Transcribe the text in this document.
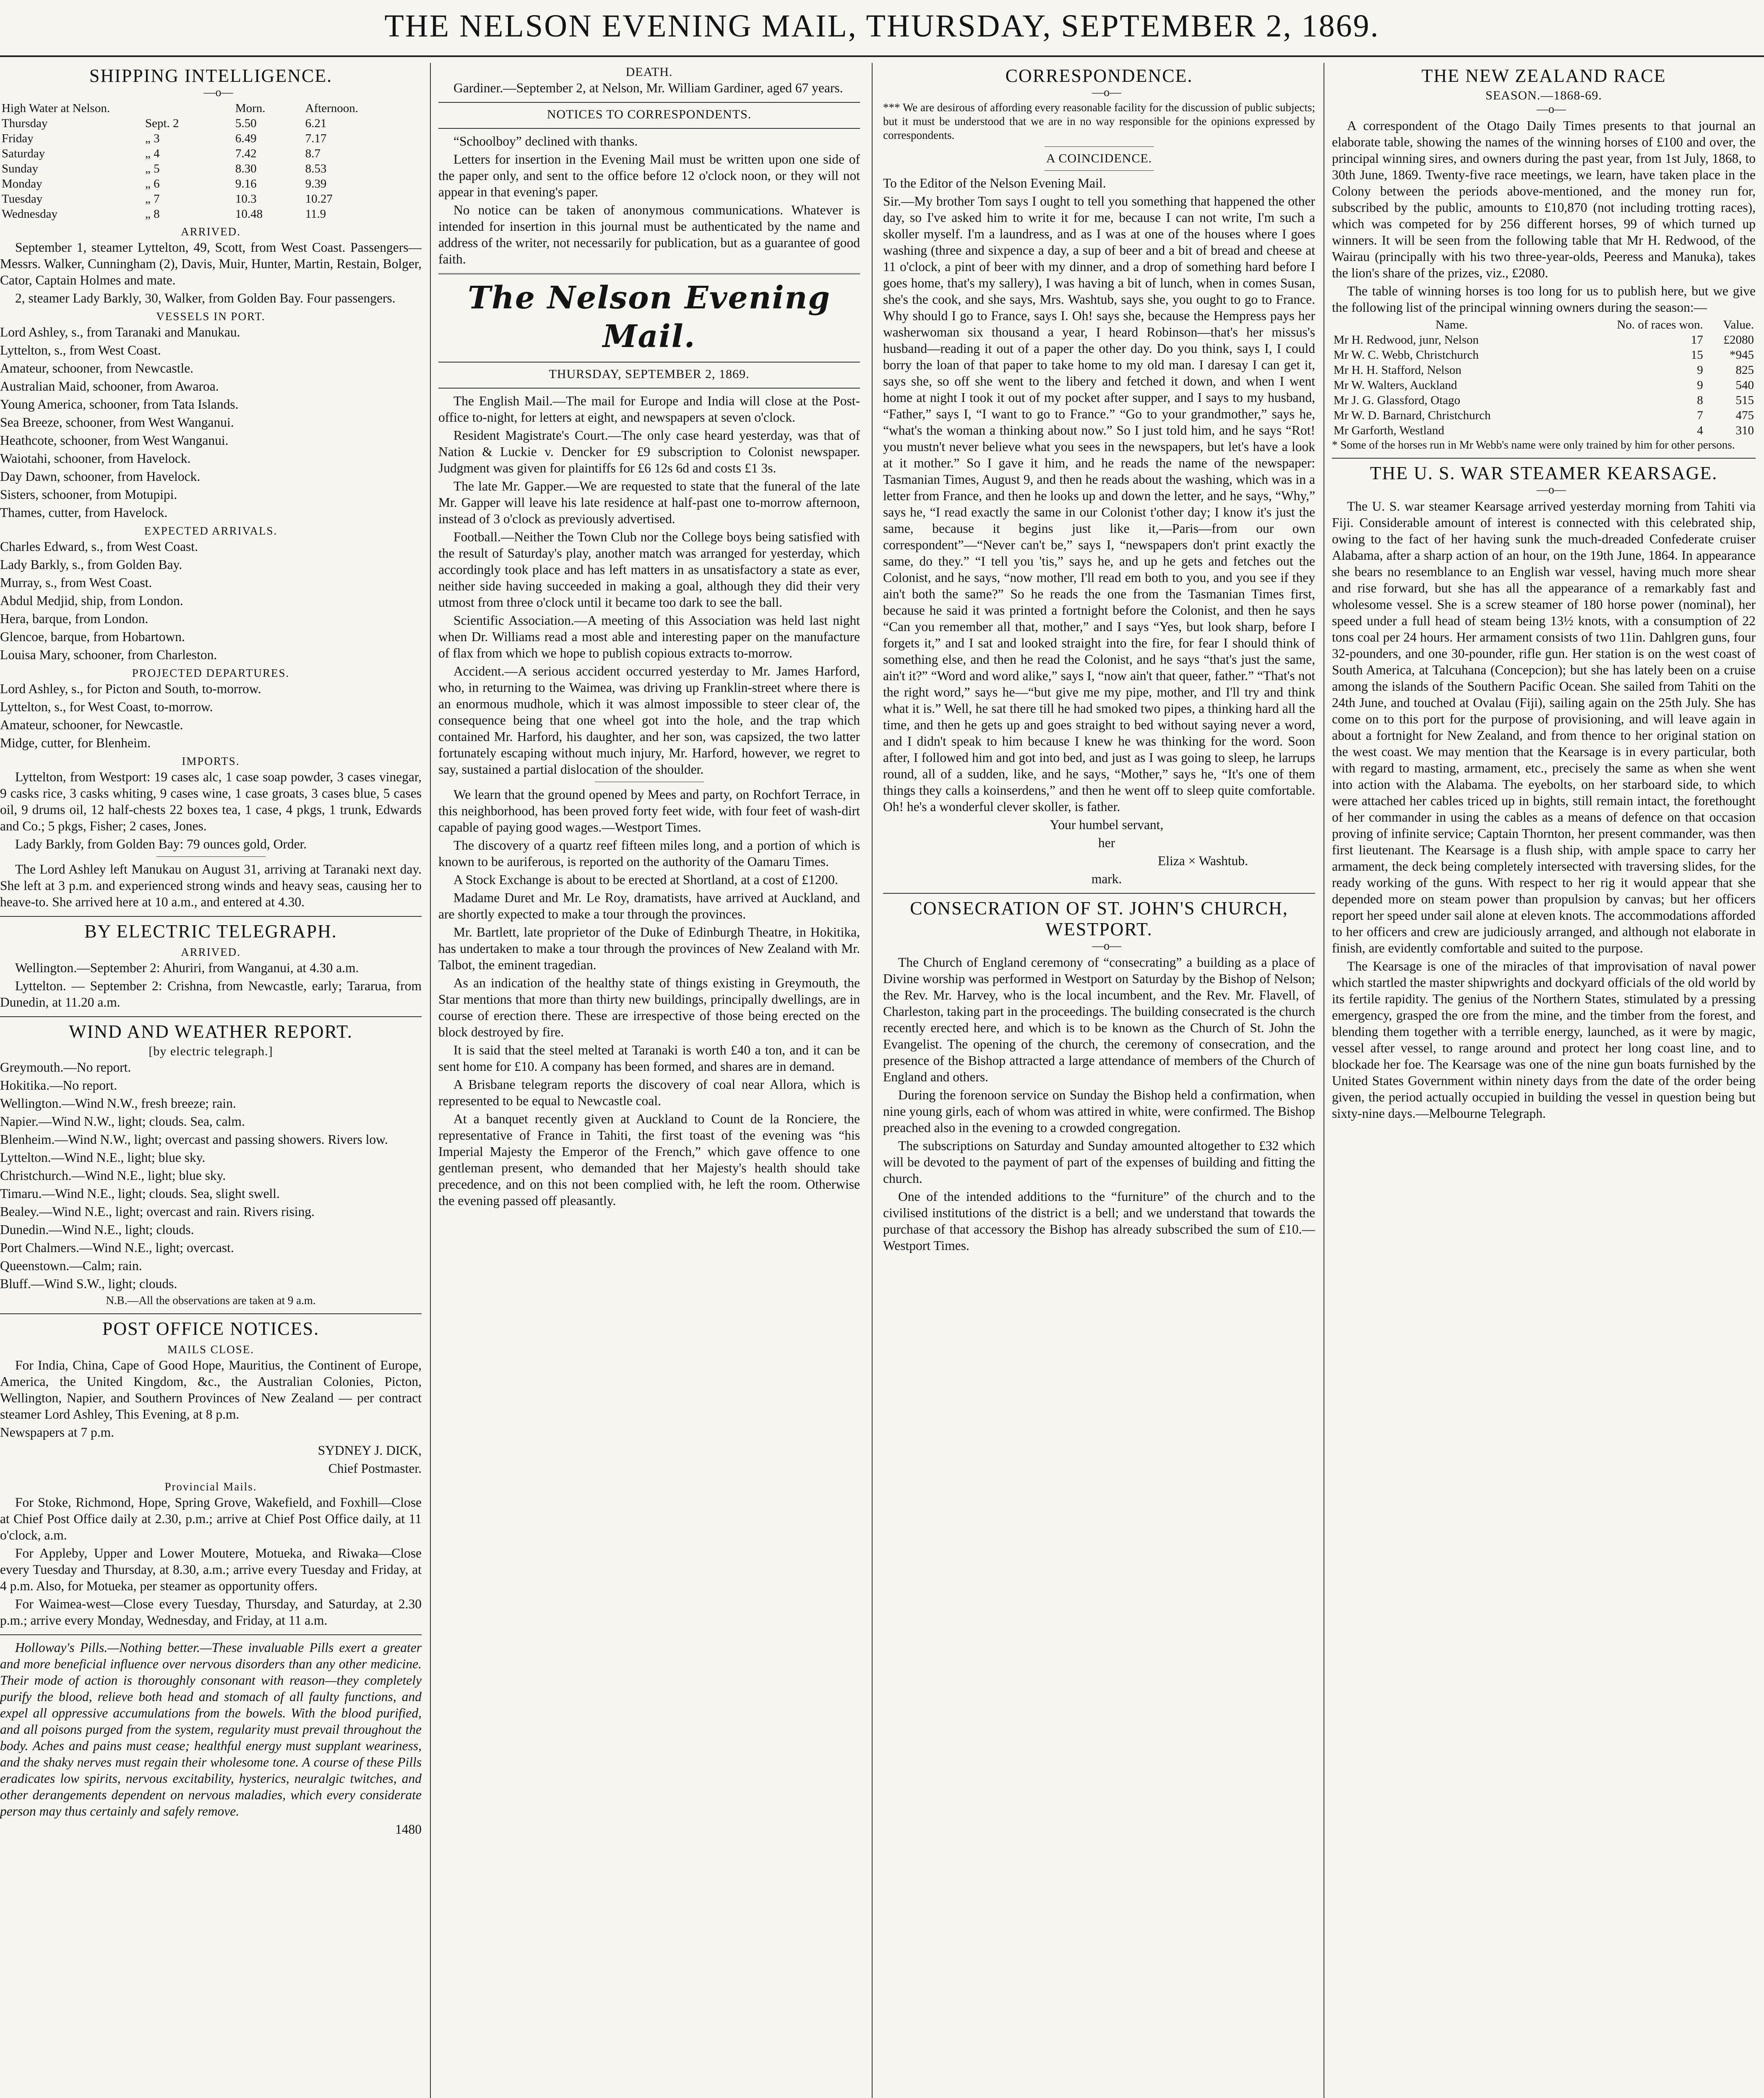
THE NELSON EVENING MAIL, THURSDAY, SEPTEMBER 2, 1869.
SHIPPING INTELLIGENCE.

—o—

High Water at Nelson.		Morn.	Afternoon.
Thursday	Sept. 2	5.50	6.21
Friday	„ 3	6.49	7.17
Saturday	„ 4	7.42	8.7
Sunday	„ 5	8.30	8.53
Monday	„ 6	9.16	9.39
Tuesday	„ 7	10.3	10.27
Wednesday	„ 8	10.48	11.9
ARRIVED.

September 1, steamer Lyttelton, 49, Scott, from West Coast. Passengers—Messrs. Walker, Cunningham (2), Davis, Muir, Hunter, Martin, Restain, Bolger, Cator, Captain Holmes and mate.

2, steamer Lady Barkly, 30, Walker, from Golden Bay. Four passengers.

VESSELS IN PORT.

Lord Ashley, s., from Taranaki and Manukau.

Lyttelton, s., from West Coast.

Amateur, schooner, from Newcastle.

Australian Maid, schooner, from Awaroa.

Young America, schooner, from Tata Islands.

Sea Breeze, schooner, from West Wanganui.

Heathcote, schooner, from West Wanganui.

Waiotahi, schooner, from Havelock.

Day Dawn, schooner, from Havelock.

Sisters, schooner, from Motupipi.

Thames, cutter, from Havelock.

EXPECTED ARRIVALS.

Charles Edward, s., from West Coast.

Lady Barkly, s., from Golden Bay.

Murray, s., from West Coast.

Abdul Medjid, ship, from London.

Hera, barque, from London.

Glencoe, barque, from Hobartown.

Louisa Mary, schooner, from Charleston.

PROJECTED DEPARTURES.

Lord Ashley, s., for Picton and South, to-morrow.

Lyttelton, s., for West Coast, to-morrow.

Amateur, schooner, for Newcastle.

Midge, cutter, for Blenheim.

IMPORTS.

Lyttelton, from Westport: 19 cases alc, 1 case soap powder, 3 cases vinegar, 9 casks rice, 3 casks whiting, 9 cases wine, 1 case groats, 3 cases blue, 5 cases oil, 9 drums oil, 12 half-chests 22 boxes tea, 1 case, 4 pkgs, 1 trunk, Edwards and Co.; 5 pkgs, Fisher; 2 cases, Jones.

Lady Barkly, from Golden Bay: 79 ounces gold, Order.

The Lord Ashley left Manukau on August 31, arriving at Taranaki next day. She left at 3 p.m. and experienced strong winds and heavy seas, causing her to heave-to. She arrived here at 10 a.m., and entered at 4.30.

BY ELECTRIC TELEGRAPH.
ARRIVED.

Wellington.—September 2: Ahuriri, from Wanganui, at 4.30 a.m.

Lyttelton. — September 2: Crishna, from Newcastle, early; Tararua, from Dunedin, at 11.20 a.m.

WIND AND WEATHER REPORT.
[by electric telegraph.]

Greymouth.—No report.

Hokitika.—No report.

Wellington.—Wind N.W., fresh breeze; rain.

Napier.—Wind N.W., light; clouds. Sea, calm.

Blenheim.—Wind N.W., light; overcast and passing showers. Rivers low.

Lyttelton.—Wind N.E., light; blue sky.

Christchurch.—Wind N.E., light; blue sky.

Timaru.—Wind N.E., light; clouds. Sea, slight swell.

Bealey.—Wind N.E., light; overcast and rain. Rivers rising.

Dunedin.—Wind N.E., light; clouds.

Port Chalmers.—Wind N.E., light; overcast.

Queenstown.—Calm; rain.

Bluff.—Wind S.W., light; clouds.

N.B.—All the observations are taken at 9 a.m.

POST OFFICE NOTICES.
MAILS CLOSE.

For India, China, Cape of Good Hope, Mauritius, the Continent of Europe, America, the United Kingdom, &c., the Australian Colonies, Picton, Wellington, Napier, and Southern Provinces of New Zealand — per contract steamer Lord Ashley, This Evening, at 8 p.m.

Newspapers at 7 p.m.

SYDNEY J. DICK,

Chief Postmaster.

Provincial Mails.

For Stoke, Richmond, Hope, Spring Grove, Wakefield, and Foxhill—Close at Chief Post Office daily at 2.30, p.m.; arrive at Chief Post Office daily, at 11 o'clock, a.m.

For Appleby, Upper and Lower Moutere, Motueka, and Riwaka—Close every Tuesday and Thursday, at 8.30, a.m.; arrive every Tuesday and Friday, at 4 p.m. Also, for Motueka, per steamer as opportunity offers.

For Waimea-west—Close every Tuesday, Thursday, and Saturday, at 2.30 p.m.; arrive every Monday, Wednesday, and Friday, at 11 a.m.

Holloway's Pills.—Nothing better.—These invaluable Pills exert a greater and more beneficial influence over nervous disorders than any other medicine. Their mode of action is thoroughly consonant with reason—they completely purify the blood, relieve both head and stomach of all faulty functions, and expel all oppressive accumulations from the bowels. With the blood purified, and all poisons purged from the system, regularity must prevail throughout the body. Aches and pains must cease; healthful energy must supplant weariness, and the shaky nerves must regain their wholesome tone. A course of these Pills eradicates low spirits, nervous excitability, hysterics, neuralgic twitches, and other derangements dependent on nervous maladies, which every considerate person may thus certainly and safely remove.

1480

DEATH.

Gardiner.—September 2, at Nelson, Mr. William Gardiner, aged 67 years.

NOTICES TO CORRESPONDENTS.

“Schoolboy” declined with thanks.

Letters for insertion in the Evening Mail must be written upon one side of the paper only, and sent to the office before 12 o'clock noon, or they will not appear in that evening's paper.

No notice can be taken of anonymous communications. Whatever is intended for insertion in this journal must be authenticated by the name and address of the writer, not necessarily for publication, but as a guarantee of good faith.

The Nelson Evening Mail.
THURSDAY, SEPTEMBER 2, 1869.

The English Mail.—The mail for Europe and India will close at the Post-office to-night, for letters at eight, and newspapers at seven o'clock.

Resident Magistrate's Court.—The only case heard yesterday, was that of Nation & Luckie v. Dencker for £9 subscription to Colonist newspaper. Judgment was given for plaintiffs for £6 12s 6d and costs £1 3s.

The late Mr. Gapper.—We are requested to state that the funeral of the late Mr. Gapper will leave his late residence at half-past one to-morrow afternoon, instead of 3 o'clock as previously advertised.

Football.—Neither the Town Club nor the College boys being satisfied with the result of Saturday's play, another match was arranged for yesterday, which accordingly took place and has left matters in as unsatisfactory a state as ever, neither side having succeeded in making a goal, although they did their very utmost from three o'clock until it became too dark to see the ball.

Scientific Association.—A meeting of this Association was held last night when Dr. Williams read a most able and interesting paper on the manufacture of flax from which we hope to publish copious extracts to-morrow.

Accident.—A serious accident occurred yesterday to Mr. James Harford, who, in returning to the Waimea, was driving up Franklin-street where there is an enormous mudhole, which it was almost impossible to steer clear of, the consequence being that one wheel got into the hole, and the trap which contained Mr. Harford, his daughter, and her son, was capsized, the two latter fortunately escaping without much injury, Mr. Harford, however, we regret to say, sustained a partial dislocation of the shoulder.

We learn that the ground opened by Mees and party, on Rochfort Terrace, in this neighborhood, has been proved forty feet wide, with four feet of wash-dirt capable of paying good wages.—Westport Times.

The discovery of a quartz reef fifteen miles long, and a portion of which is known to be auriferous, is reported on the authority of the Oamaru Times.

A Stock Exchange is about to be erected at Shortland, at a cost of £1200.

Madame Duret and Mr. Le Roy, dramatists, have arrived at Auckland, and are shortly expected to make a tour through the provinces.

Mr. Bartlett, late proprietor of the Duke of Edinburgh Theatre, in Hokitika, has undertaken to make a tour through the provinces of New Zealand with Mr. Talbot, the eminent tragedian.

As an indication of the healthy state of things existing in Greymouth, the Star mentions that more than thirty new buildings, principally dwellings, are in course of erection there. These are irrespective of those being erected on the block destroyed by fire.

It is said that the steel melted at Taranaki is worth £40 a ton, and it can be sent home for £10. A company has been formed, and shares are in demand.

A Brisbane telegram reports the discovery of coal near Allora, which is represented to be equal to Newcastle coal.

At a banquet recently given at Auckland to Count de la Ronciere, the representative of France in Tahiti, the first toast of the evening was “his Imperial Majesty the Emperor of the French,” which gave offence to one gentleman present, who demanded that her Majesty's health should take precedence, and on this not been complied with, he left the room. Otherwise the evening passed off pleasantly.

CORRESPONDENCE.

—o—

*** We are desirous of affording every reasonable facility for the discussion of public subjects; but it must be understood that we are in no way responsible for the opinions expressed by correspondents.

A COINCIDENCE.

To the Editor of the Nelson Evening Mail.

Sir.—My brother Tom says I ought to tell you something that happened the other day, so I've asked him to write it for me, because I can not write, I'm such a skoller myself. I'm a laundress, and as I was at one of the houses where I goes washing (three and sixpence a day, a sup of beer and a bit of bread and cheese at 11 o'clock, a pint of beer with my dinner, and a drop of something hard before I goes home, that's my sallery), I was having a bit of lunch, when in comes Susan, she's the cook, and she says, Mrs. Washtub, says she, you ought to go to France. Why should I go to France, says I. Oh! says she, because the Hempress pays her washerwoman six thousand a year, I heard Robinson—that's her missus's husband—reading it out of a paper the other day. Do you think, says I, I could borry the loan of that paper to take home to my old man. I daresay I can get it, says she, so off she went to the libery and fetched it down, and when I went home at night I took it out of my pocket after supper, and I says to my husband, “Father,” says I, “I want to go to France.” “Go to your grandmother,” says he, “what's the woman a thinking about now.” So I just told him, and he says “Rot! you mustn't never believe what you sees in the newspapers, but let's have a look at it mother.” So I gave it him, and he reads the name of the newspaper: Tasmanian Times, August 9, and then he reads about the washing, which was in a letter from France, and then he looks up and down the letter, and he says, “Why,” says he, “I read exactly the same in our Colonist t'other day; I know it's just the same, because it begins just like it,—Paris—from our own correspondent”—“Never can't be,” says I, “newspapers don't print exactly the same, do they.” “I tell you 'tis,” says he, and up he gets and fetches out the Colonist, and he says, “now mother, I'll read em both to you, and you see if they ain't both the same?” So he reads the one from the Tasmanian Times first, because he said it was printed a fortnight before the Colonist, and then he says “Can you remember all that, mother,” and I says “Yes, but look sharp, before I forgets it,” and I sat and looked straight into the fire, for fear I should think of something else, and then he read the Colonist, and he says “that's just the same, ain't it?” “Word and word alike,” says I, “now ain't that queer, father.” “That's not the right word,” says he—“but give me my pipe, mother, and I'll try and think what it is.” Well, he sat there till he had smoked two pipes, a thinking hard all the time, and then he gets up and goes straight to bed without saying never a word, and I didn't speak to him because I knew he was thinking for the word. Soon after, I followed him and got into bed, and just as I was going to sleep, he larrups round, all of a sudden, like, and he says, “Mother,” says he, “It's one of them things they calls a koinserdens,” and then he went off to sleep quite comfortable. Oh! he's a wonderful clever skoller, is father.

Your humbel servant,

her

Eliza × Washtub.

mark.

CONSECRATION OF ST. JOHN'S CHURCH, WESTPORT.

—o—

The Church of England ceremony of “consecrating” a building as a place of Divine worship was performed in Westport on Saturday by the Bishop of Nelson; the Rev. Mr. Harvey, who is the local incumbent, and the Rev. Mr. Flavell, of Charleston, taking part in the proceedings. The building consecrated is the church recently erected here, and which is to be known as the Church of St. John the Evangelist. The opening of the church, the ceremony of consecration, and the presence of the Bishop attracted a large attendance of members of the Church of England and others.

During the forenoon service on Sunday the Bishop held a confirmation, when nine young girls, each of whom was attired in white, were confirmed. The Bishop preached also in the evening to a crowded congregation.

The subscriptions on Saturday and Sunday amounted altogether to £32 which will be devoted to the payment of part of the expenses of building and fitting the church.

One of the intended additions to the “furniture” of the church and to the civilised institutions of the district is a bell; and we understand that towards the purchase of that accessory the Bishop has already subscribed the sum of £10.—Westport Times.

THE NEW ZEALAND RACE
SEASON.—1868-69.

—o—

A correspondent of the Otago Daily Times presents to that journal an elaborate table, showing the names of the winning horses of £100 and over, the principal winning sires, and owners during the past year, from 1st July, 1868, to 30th June, 1869. Twenty-five race meetings, we learn, have taken place in the Colony between the periods above-mentioned, and the money run for, subscribed by the public, amounts to £10,870 (not including trotting races), which was competed for by 256 different horses, 99 of which turned up winners. It will be seen from the following table that Mr H. Redwood, of the Wairau (principally with his two three-year-olds, Peeress and Manuka), takes the lion's share of the prizes, viz., £2080.

The table of winning horses is too long for us to publish here, but we give the following list of the principal winning owners during the season:—

Name.	No. of races won.	Value.
Mr H. Redwood, junr, Nelson	17	£2080
Mr W. C. Webb, Christchurch	15	*945
Mr H. H. Stafford, Nelson	9	825
Mr W. Walters, Auckland	9	540
Mr J. G. Glassford, Otago	8	515
Mr W. D. Barnard, Christchurch	7	475
Mr Garforth, Westland	4	310

* Some of the horses run in Mr Webb's name were only trained by him for other persons.

THE U. S. WAR STEAMER KEARSAGE.

—o—

The U. S. war steamer Kearsage arrived yesterday morning from Tahiti via Fiji. Considerable amount of interest is connected with this celebrated ship, owing to the fact of her having sunk the much-dreaded Confederate cruiser Alabama, after a sharp action of an hour, on the 19th June, 1864. In appearance she bears no resemblance to an English war vessel, having much more shear and rise forward, but she has all the appearance of a remarkably fast and wholesome vessel. She is a screw steamer of 180 horse power (nominal), her speed under a full head of steam being 13½ knots, with a consumption of 22 tons coal per 24 hours. Her armament consists of two 11in. Dahlgren guns, four 32-pounders, and one 30-pounder, rifle gun. Her station is on the west coast of South America, at Talcuhana (Concepcion); but she has lately been on a cruise among the islands of the Southern Pacific Ocean. She sailed from Tahiti on the 24th June, and touched at Ovalau (Fiji), sailing again on the 25th July. She has come on to this port for the purpose of provisioning, and will leave again in about a fortnight for New Zealand, and from thence to her original station on the west coast. We may mention that the Kearsage is in every particular, both with regard to masting, armament, etc., precisely the same as when she went into action with the Alabama. The eyebolts, on her starboard side, to which were attached her cables triced up in bights, still remain intact, the forethought of her commander in using the cables as a means of defence on that occasion proving of infinite service; Captain Thornton, her present commander, was then first lieutenant. The Kearsage is a flush ship, with ample space to carry her armament, the deck being completely intersected with traversing slides, for the ready working of the guns. With respect to her rig it would appear that she depended more on steam power than propulsion by canvas; but her officers report her speed under sail alone at eleven knots. The accommodations afforded to her officers and crew are judiciously arranged, and although not elaborate in finish, are evidently comfortable and suited to the purpose.

The Kearsage is one of the miracles of that improvisation of naval power which startled the master shipwrights and dockyard officials of the old world by its fertile rapidity. The genius of the Northern States, stimulated by a pressing emergency, grasped the ore from the mine, and the timber from the forest, and blending them together with a terrible energy, launched, as it were by magic, vessel after vessel, to range around and protect her long coast line, and to blockade her foe. The Kearsage was one of the nine gun boats furnished by the United States Government within ninety days from the date of the order being given, the period actually occupied in building the vessel in question being but sixty-nine days.—Melbourne Telegraph.
